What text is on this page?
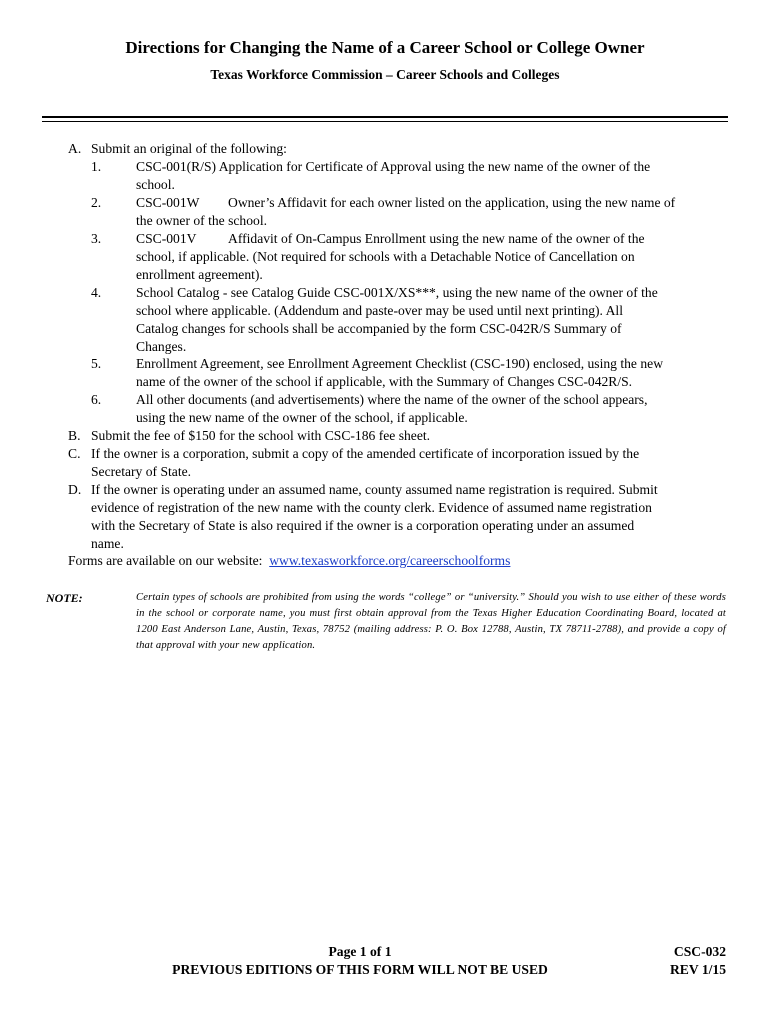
Directions for Changing the Name of a Career School or College Owner
Texas Workforce Commission – Career Schools and Colleges
A. Submit an original of the following:
1.	CSC-001(R/S) Application for Certificate of Approval using the new name of the owner of the
school.
2.	CSC-001W Owner’s Affidavit for each owner listed on the application, using the new name of
the owner of the school.
3.	CSC-001V Affidavit of On-Campus Enrollment using the new name of the owner of the
school, if applicable. (Not required for schools with a Detachable Notice of Cancellation on
enrollment agreement).
4.	School Catalog - see Catalog Guide CSC-001X/XS***, using the new name of the owner of the
school where applicable. (Addendum and paste-over may be used until next printing). All
Catalog changes for schools shall be accompanied by the form CSC-042R/S Summary of
Changes.
5.	Enrollment Agreement, see Enrollment Agreement Checklist (CSC-190) enclosed, using the new
name of the owner of the school if applicable, with the Summary of Changes CSC-042R/S.
6.	All other documents (and advertisements) where the name of the owner of the school appears,
using the new name of the owner of the school, if applicable.
B. Submit the fee of $150 for the school with CSC-186 fee sheet.
C. If the owner is a corporation, submit a copy of the amended certificate of incorporation issued by the
Secretary of State.
D. If the owner is operating under an assumed name, county assumed name registration is required. Submit
evidence of registration of the new name with the county clerk. Evidence of assumed name registration
with the Secretary of State is also required if the owner is a corporation operating under an assumed
name.
Forms are available on our website: www.texasworkforce.org/careerschoolforms
NOTE:	Certain types of schools are prohibited from using the words “college” or “university.” Should you wish to use either of these words in the school or corporate name, you must first obtain approval from the Texas Higher Education Coordinating Board, located at 1200 East Anderson Lane, Austin, Texas, 78752 (mailing address: P. O. Box 12788, Austin, TX 78711-2788), and provide a copy of that approval with your new application.
Page 1 of 1
PREVIOUS EDITIONS OF THIS FORM WILL NOT BE USED
CSC-032
REV 1/15
